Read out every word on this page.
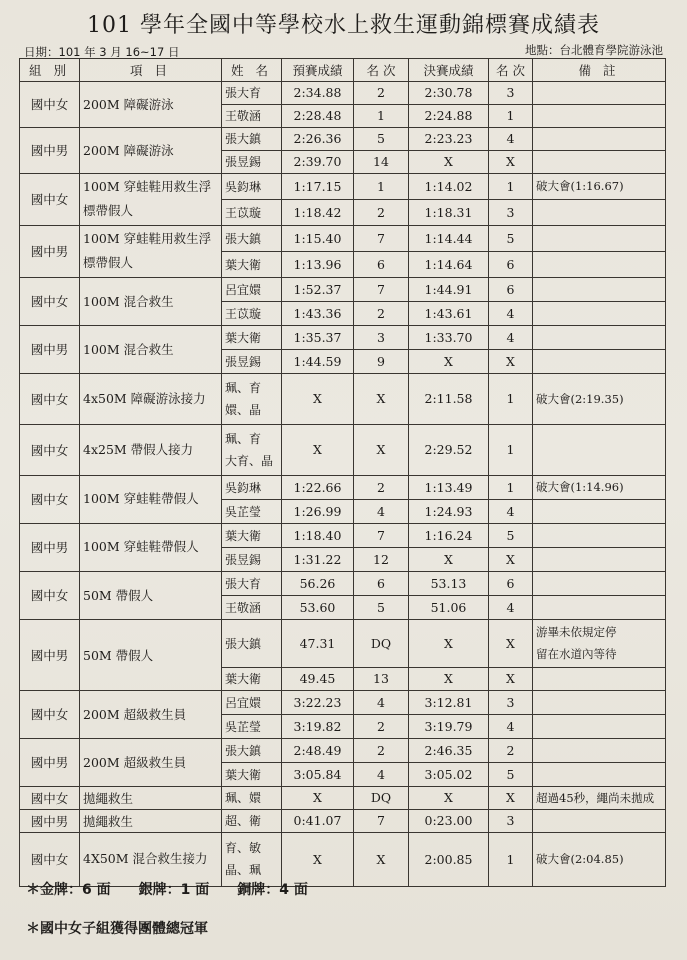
101 學年全國中等學校水上救生運動錦標賽成績表
日期：101 年 3 月 16~17 日	地點：台北體育學院游泳池
組 別	項 目	姓 名	預賽成績	名 次	決賽成績	名 次	備 註
國中女	200M 障礙游泳	張大育	2:34.88	2	2:30.78	3	
		王敬涵	2:28.48	1	2:24.88	1	
國中男	200M 障礙游泳	張大鎮	2:26.36	5	2:23.23	4	
		張昱錫	2:39.70	14	X	X	
國中女	100M 穿蛙鞋用救生浮標帶假人	吳鈞琳	1:17.15	1	1:14.02	1	破大會(1:16.67)
		王苡璇	1:18.42	2	1:18.31	3	
國中男	100M 穿蛙鞋用救生浮標帶假人	張大鎮	1:15.40	7	1:14.44	5	
		葉大衛	1:13.96	6	1:14.64	6	
國中女	100M 混合救生	呂宜嬛	1:52.37	7	1:44.91	6	
		王苡璇	1:43.36	2	1:43.61	4	
國中男	100M 混合救生	葉大衛	1:35.37	3	1:33.70	4	
		張昱錫	1:44.59	9	X	X	
國中女	4x50M 障礙游泳接力	珮、育
嬛、晶	X	X	2:11.58	1	破大會(2:19.35)
國中女	4x25M 帶假人接力	珮、育
大育、晶	X	X	2:29.52	1	
國中女	100M 穿蛙鞋帶假人	吳鈞琳	1:22.66	2	1:13.49	1	破大會(1:14.96)
		吳芷瑩	1:26.99	4	1:24.93	4	
國中男	100M 穿蛙鞋帶假人	葉大衛	1:18.40	7	1:16.24	5	
		張昱錫	1:31.22	12	X	X	
國中女	50M 帶假人	張大育	56.26	6	53.13	6	
		王敬涵	53.60	5	51.06	4	
國中男	50M 帶假人	張大鎮	47.31	DQ	X	X	游畢未依規定停
留在水道內等待
		葉大衛	49.45	13	X	X	
國中女	200M 超級救生員	呂宜嬛	3:22.23	4	3:12.81	3	
		吳芷瑩	3:19.82	2	3:19.79	4	
國中男	200M 超級救生員	張大鎮	2:48.49	2	2:46.35	2	
		葉大衛	3:05.84	4	3:05.02	5	
國中女	拋繩救生	珮、嬛	X	DQ	X	X	超過45秒，繩尚未拋成
國中男	拋繩救生	超、衛	0:41.07	7	0:23.00	3	
國中女	4X50M 混合救生接力	育、敏
晶、珮	X	X	2:00.85	1	破大會(2:04.85)
＊金牌：6 面　　銀牌：1 面　　銅牌：4 面
＊國中女子組獲得團體總冠軍
